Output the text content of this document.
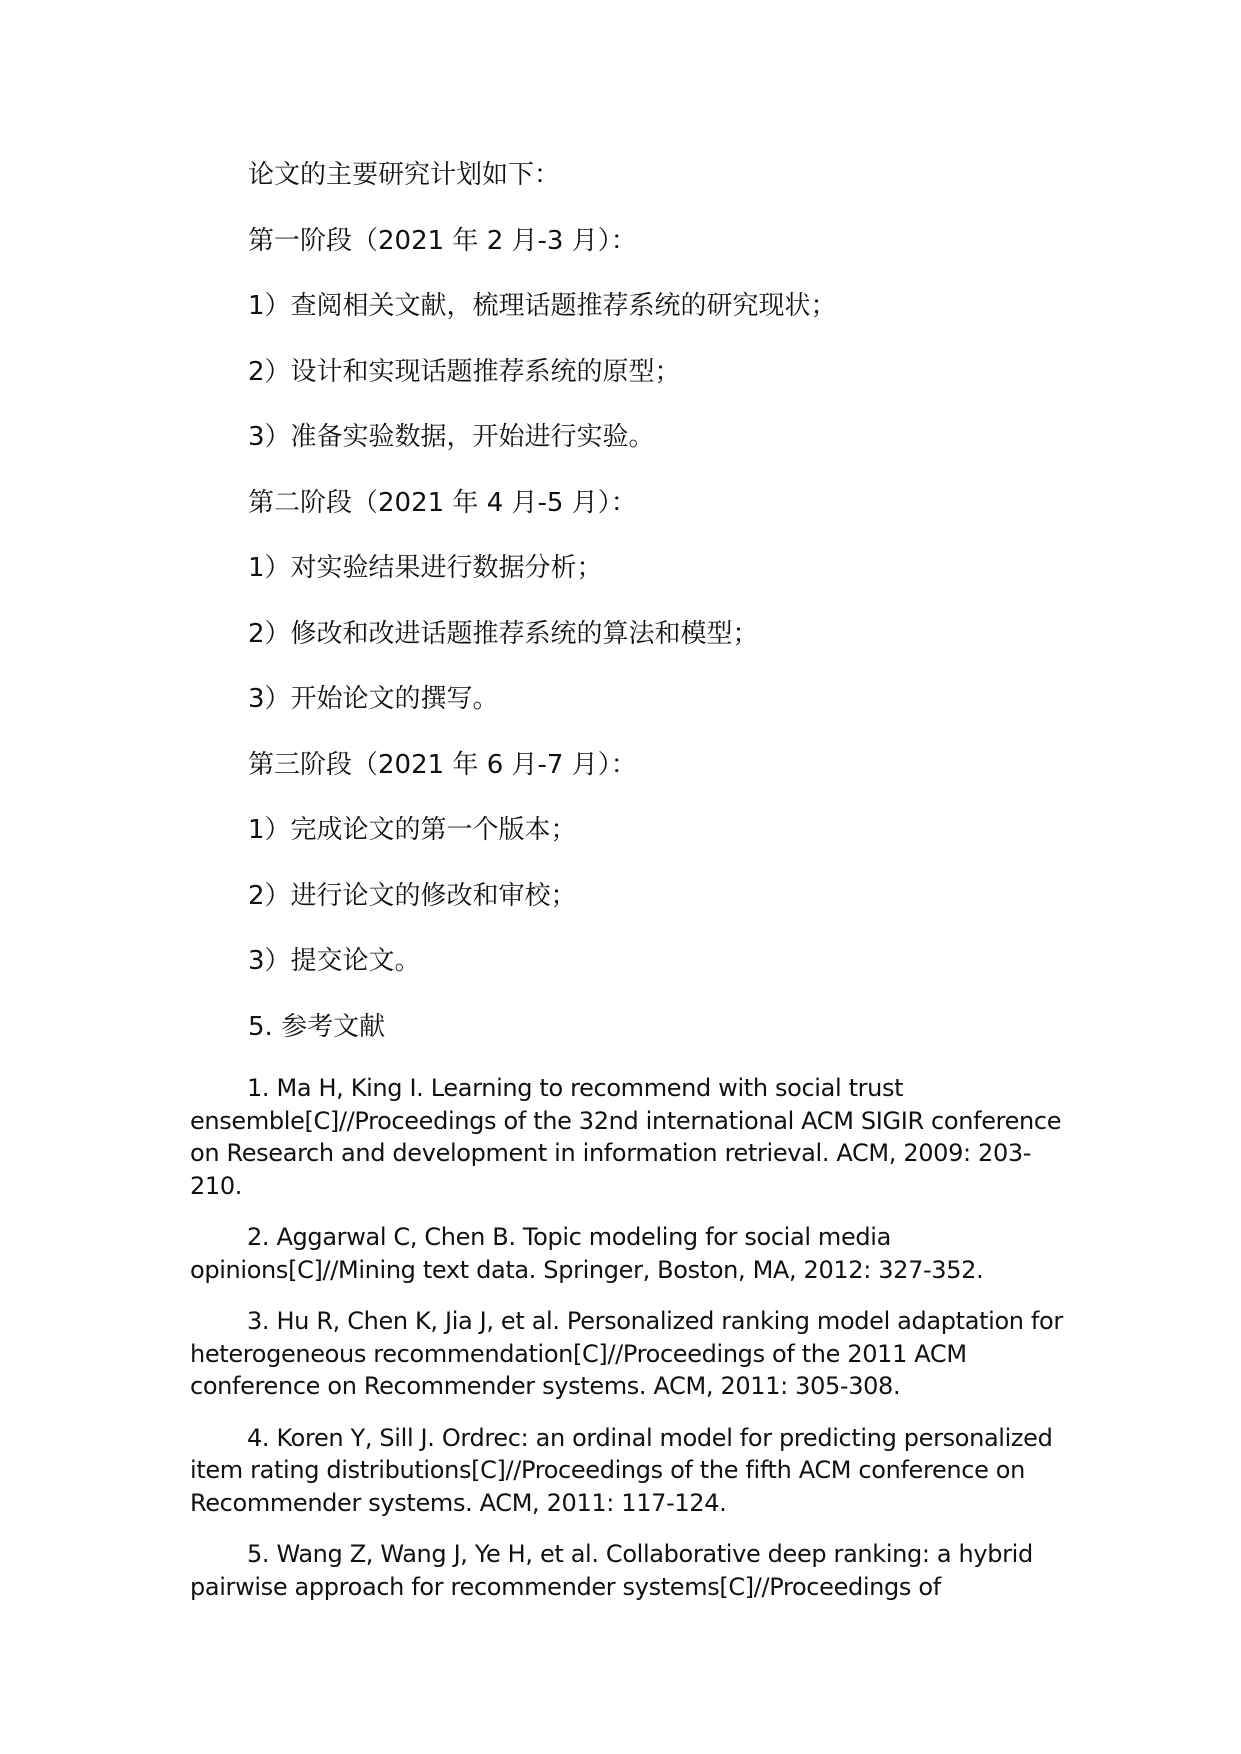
论文的主要研究计划如下：
第一阶段（2021 年 2 月-3 月）：
1）查阅相关文献，梳理话题推荐系统的研究现状；
2）设计和实现话题推荐系统的原型；
3）准备实验数据，开始进行实验。
第二阶段（2021 年 4 月-5 月）：
1）对实验结果进行数据分析；
2）修改和改进话题推荐系统的算法和模型；
3）开始论文的撰写。
第三阶段（2021 年 6 月-7 月）：
1）完成论文的第一个版本；
2）进行论文的修改和审校；
3）提交论文。
5. 参考文献

1. Ma H, King I. Learning to recommend with social trust ensemble[C]//Proceedings of the 32nd international ACM SIGIR conference on Research and development in information retrieval. ACM, 2009: 203-210.

2. Aggarwal C, Chen B. Topic modeling for social media opinions[C]//Mining text data. Springer, Boston, MA, 2012: 327-352.

3. Hu R, Chen K, Jia J, et al. Personalized ranking model adaptation for heterogeneous recommendation[C]//Proceedings of the 2011 ACM conference on Recommender systems. ACM, 2011: 305-308.

4. Koren Y, Sill J. Ordrec: an ordinal model for predicting personalized item rating distributions[C]//Proceedings of the fifth ACM conference on Recommender systems. ACM, 2011: 117-124.

5. Wang Z, Wang J, Ye H, et al. Collaborative deep ranking: a hybrid pairwise approach for recommender systems[C]//Proceedings of
